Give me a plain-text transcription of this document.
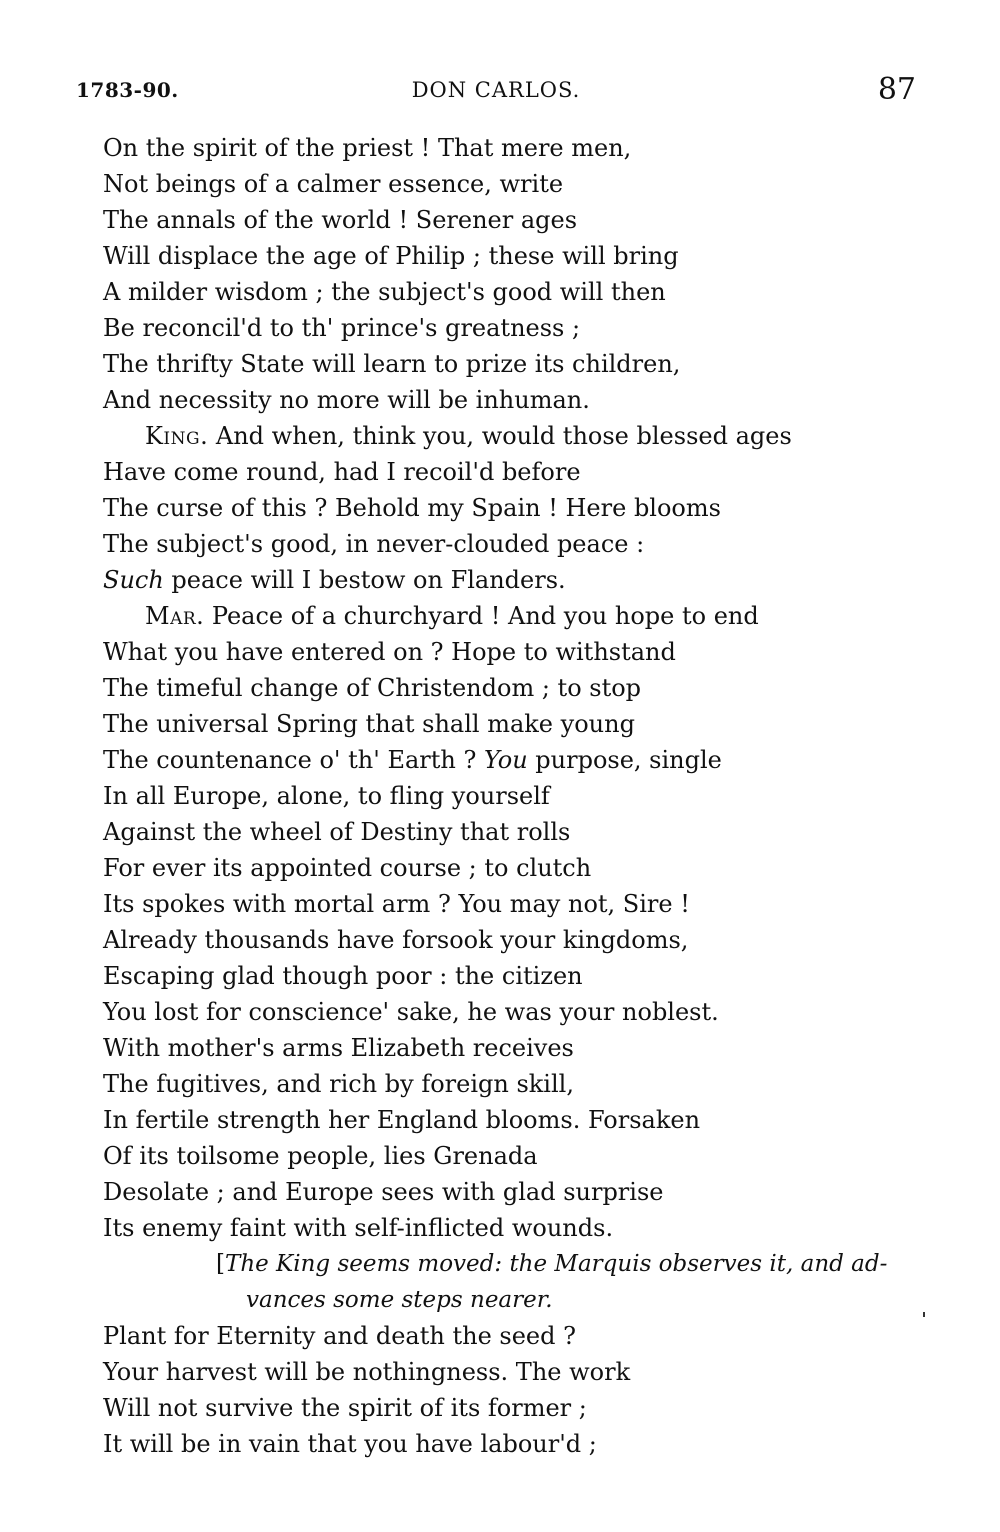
1783-90.	DON CARLOS.	87
On the spirit of the priest ! That mere men,
Not beings of a calmer essence, write
The annals of the world ! Serener ages
Will displace the age of Philip ; these will bring
A milder wisdom ; the subject's good will then
Be reconcil'd to th' prince's greatness ;
The thrifty State will learn to prize its children,
And necessity no more will be inhuman.
King. And when, think you, would those blessed ages
Have come round, had I recoil'd before
The curse of this ? Behold my Spain ! Here blooms
The subject's good, in never-clouded peace :
Such peace will I bestow on Flanders.
Mar. Peace of a churchyard ! And you hope to end
What you have entered on ? Hope to withstand
The timeful change of Christendom ; to stop
The universal Spring that shall make young
The countenance o' th' Earth ? You purpose, single
In all Europe, alone, to fling yourself
Against the wheel of Destiny that rolls
For ever its appointed course ; to clutch
Its spokes with mortal arm ? You may not, Sire !
Already thousands have forsook your kingdoms,
Escaping glad though poor : the citizen
You lost for conscience' sake, he was your noblest.
With mother's arms Elizabeth receives
The fugitives, and rich by foreign skill,
In fertile strength her England blooms. Forsaken
Of its toilsome people, lies Grenada
Desolate ; and Europe sees with glad surprise
Its enemy faint with self-inflicted wounds.
[The King seems moved: the Marquis observes it, and ad-
vances some steps nearer.
Plant for Eternity and death the seed ?
Your harvest will be nothingness. The work
Will not survive the spirit of its former ;
It will be in vain that you have labour'd ;
